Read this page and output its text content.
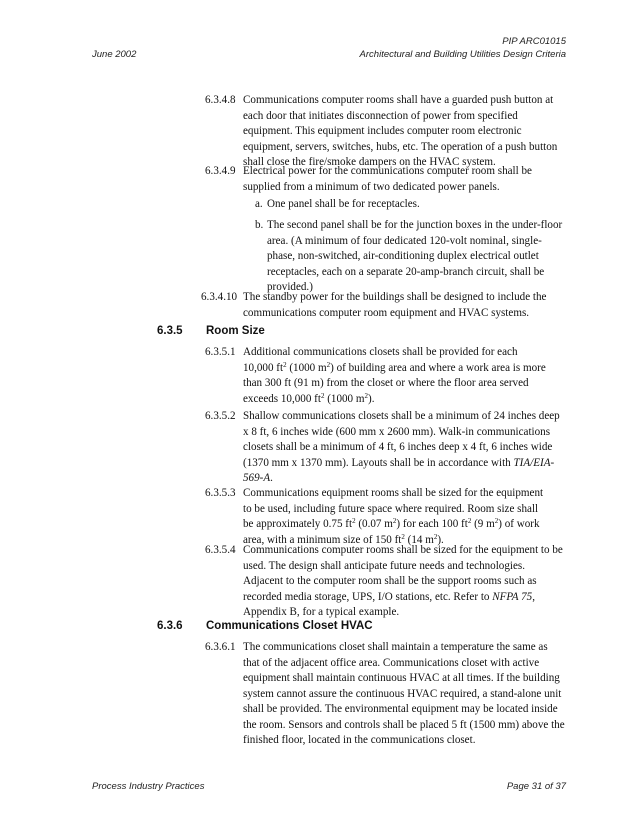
PIP ARC01015
June 2002	Architectural and Building Utilities Design Criteria
6.3.4.8 Communications computer rooms shall have a guarded push button at each door that initiates disconnection of power from specified equipment. This equipment includes computer room electronic equipment, servers, switches, hubs, etc. The operation of a push button shall close the fire/smoke dampers on the HVAC system.
6.3.4.9 Electrical power for the communications computer room shall be supplied from a minimum of two dedicated power panels.
a. One panel shall be for receptacles.
b. The second panel shall be for the junction boxes in the under-floor area. (A minimum of four dedicated 120-volt nominal, single-phase, non-switched, air-conditioning duplex electrical outlet receptacles, each on a separate 20-amp-branch circuit, shall be provided.)
6.3.4.10 The standby power for the buildings shall be designed to include the communications computer room equipment and HVAC systems.
6.3.5 Room Size
6.3.5.1 Additional communications closets shall be provided for each
10,000 $ft^2$ (1000 $m^2$) of building area and where a work area is more
than 300 ft (91 m) from the closet or where the floor area served
exceeds 10,000 $ft^2$ (1000 $m^2$).
6.3.5.2 Shallow communications closets shall be a minimum of 24 inches deep x 8 ft, 6 inches wide (600 mm x 2600 mm). Walk-in communications closets shall be a minimum of 4 ft, 6 inches deep x 4 ft, 6 inches wide (1370 mm x 1370 mm). Layouts shall be in accordance with TIA/EIA-569-A.
6.3.5.3 Communications equipment rooms shall be sized for the equipment
to be used, including future space where required. Room size shall
be approximately 0.75 $ft^2$ (0.07 $m^2$) for each 100 $ft^2$ (9 $m^2$) of work
area, with a minimum size of 150 $ft^2$ (14 $m^2$).
6.3.5.4 Communications computer rooms shall be sized for the equipment to be used. The design shall anticipate future needs and technologies. Adjacent to the computer room shall be the support rooms such as recorded media storage, UPS, I/O stations, etc. Refer to NFPA 75, Appendix B, for a typical example.
6.3.6 Communications Closet HVAC
6.3.6.1 The communications closet shall maintain a temperature the same as that of the adjacent office area. Communications closet with active equipment shall maintain continuous HVAC at all times. If the building system cannot assure the continuous HVAC required, a stand-alone unit shall be provided. The environmental equipment may be located inside the room. Sensors and controls shall be placed 5 ft (1500 mm) above the finished floor, located in the communications closet.
Process Industry Practices	Page 31 of 37
